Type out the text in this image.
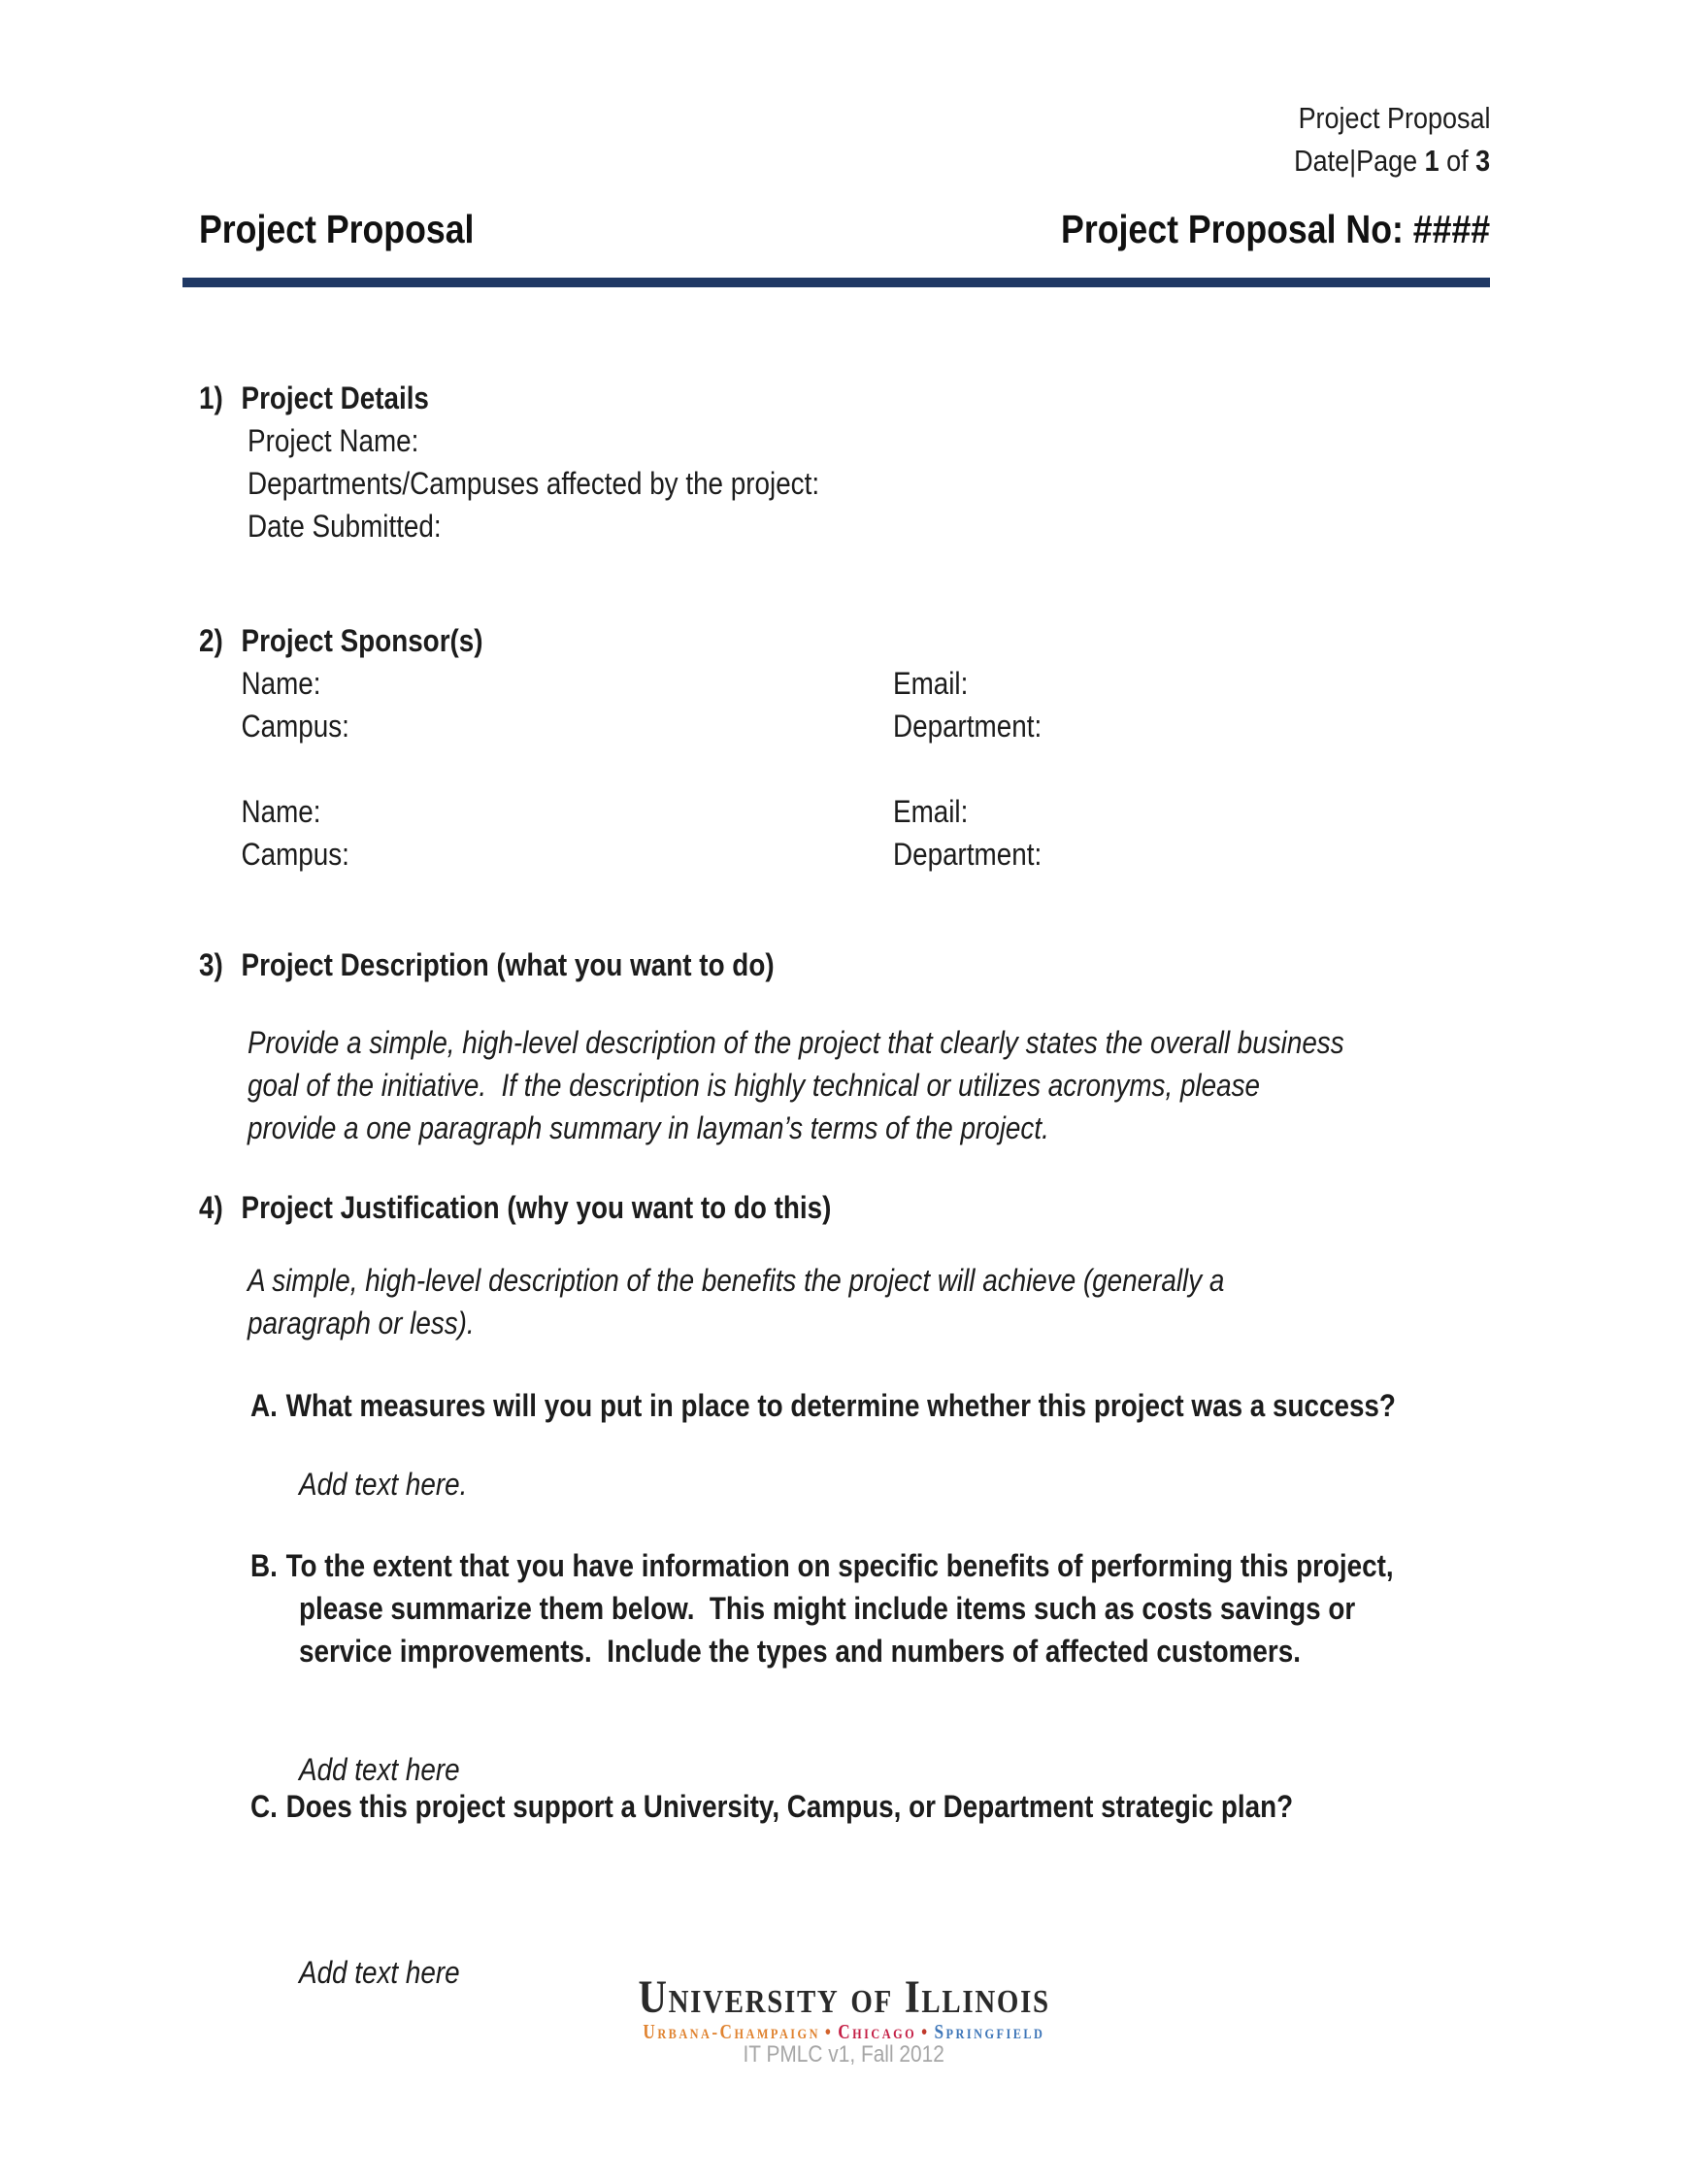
Project Proposal
Date|Page 1 of 3
Project Proposal	Project Proposal No: ####
1) Project Details
Project Name:
Departments/Campuses affected by the project:
Date Submitted:
2) Project Sponsor(s)
Name:	Email:
Campus:	Department:
Name:	Email:
Campus:	Department:
3) Project Description (what you want to do)
Provide a simple, high-level description of the project that clearly states the overall business
goal of the initiative.  If the description is highly technical or utilizes acronyms, please
provide a one paragraph summary in layman’s terms of the project.
4) Project Justification (why you want to do this)
A simple, high-level description of the benefits the project will achieve (generally a
paragraph or less).
A. What measures will you put in place to determine whether this project was a success?
Add text here.
B. To the extent that you have information on specific benefits of performing this project,
please summarize them below.  This might include items such as costs savings or
service improvements.  Include the types and numbers of affected customers.
Add text here
C. Does this project support a University, Campus, or Department strategic plan?
Add text here	University of Illinois
Urbana-Champaign • Chicago • Springfield
IT PMLC v1, Fall 2012
